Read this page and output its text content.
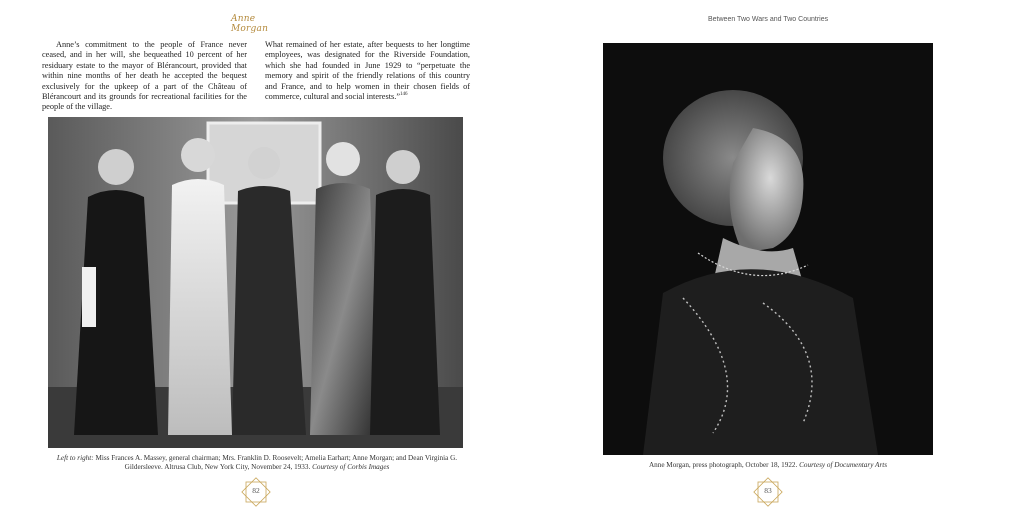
Anne Morgan
Anne’s commitment to the people of France never ceased, and in her will, she bequeathed 10 percent of her residuary estate to the mayor of Blérancourt, provided that within nine months of her death he accepted the bequest exclusively for the upkeep of a part of the Château of Blérancourt and its grounds for recreational facilities for the people of the village.
What remained of her estate, after bequests to her longtime employees, was designated for the Riverside Foundation, which she had founded in June 1929 to “perpetuate the memory and spirit of the friendly relations of this country and France, and to help women in their chosen fields of commerce, cultural and social interests.”$^{146}$
Left to right: Miss Frances A. Massey, general chairman; Mrs. Franklin D. Roosevelt; Amelia Earhart; Anne Morgan; and Dean Virginia G. Gildersleeve. Altrusa Club, New York City, November 24, 1933. Courtesy of Corbis Images
82
Between Two Wars and Two Countries
Anne Morgan, press photograph, October 18, 1922. Courtesy of Documentary Arts
83
